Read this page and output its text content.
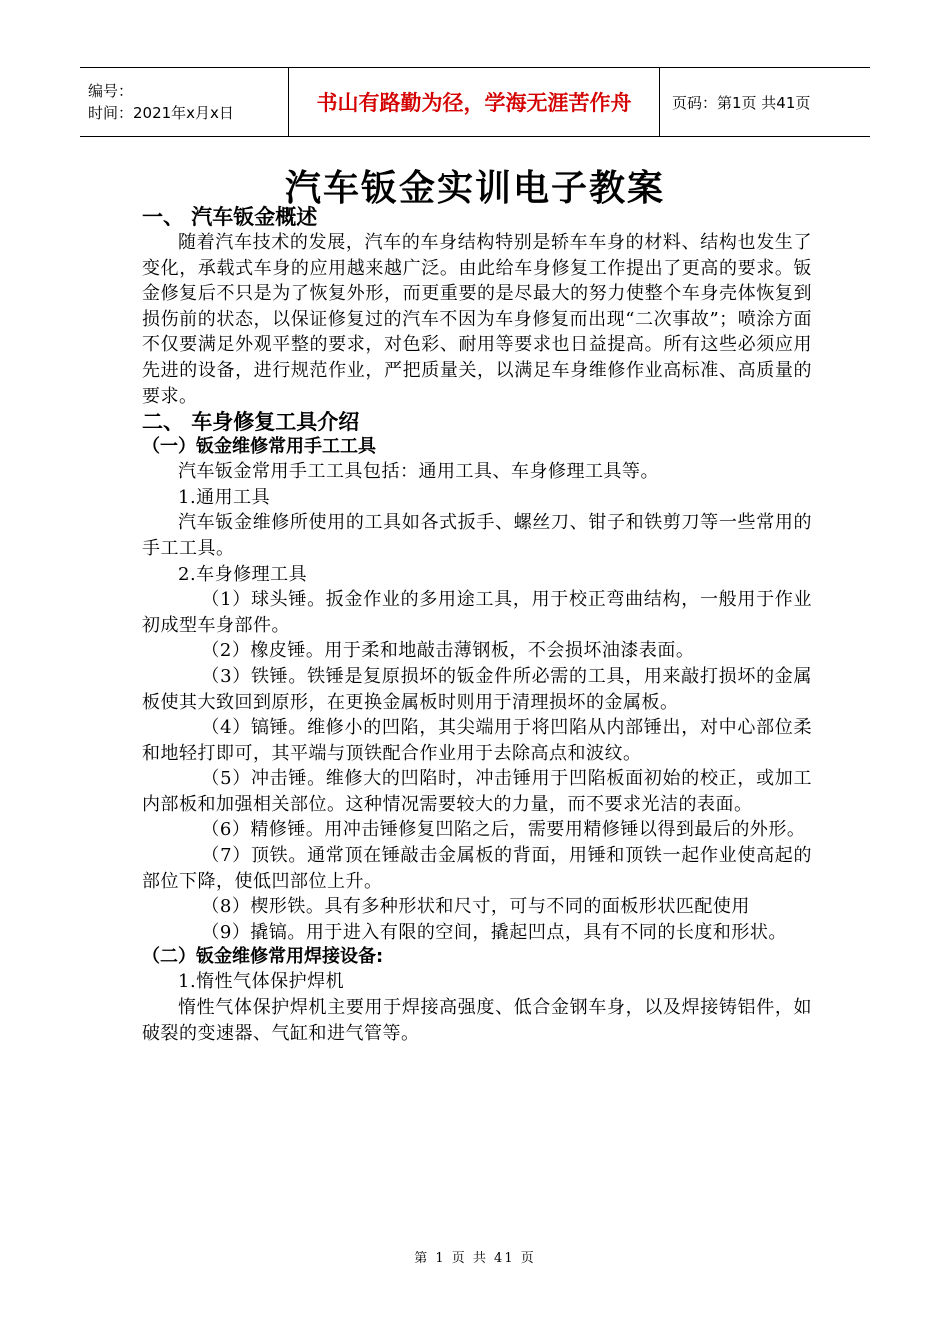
编号：
时间：2021年x月x日	书山有路勤为径，学海无涯苦作舟	页码：第1页 共41页
汽车钣金实训电子教案

一、 汽车钣金概述

随着汽车技术的发展，汽车的车身结构特别是轿车车身的材料、结构也发生了变化，承载式车身的应用越来越广泛。由此给车身修复工作提出了更高的要求。钣金修复后不只是为了恢复外形，而更重要的是尽最大的努力使整个车身壳体恢复到损伤前的状态，以保证修复过的汽车不因为车身修复而出现“二次事故”；喷涂方面不仅要满足外观平整的要求，对色彩、耐用等要求也日益提高。所有这些必须应用先进的设备，进行规范作业，严把质量关，以满足车身维修作业高标准、高质量的要求。

二、 车身修复工具介绍

（一）钣金维修常用手工工具

汽车钣金常用手工工具包括：通用工具、车身修理工具等。

1.通用工具

汽车钣金维修所使用的工具如各式扳手、螺丝刀、钳子和铁剪刀等一些常用的手工工具。

2.车身修理工具

（1）球头锤。扳金作业的多用途工具，用于校正弯曲结构，一般用于作业初成型车身部件。

（2）橡皮锤。用于柔和地敲击薄钢板，不会损坏油漆表面。

（3）铁锤。铁锤是复原损坏的钣金件所必需的工具，用来敲打损坏的金属板使其大致回到原形，在更换金属板时则用于清理损坏的金属板。

（4）镐锤。维修小的凹陷，其尖端用于将凹陷从内部锤出，对中心部位柔和地轻打即可，其平端与顶铁配合作业用于去除高点和波纹。

（5）冲击锤。维修大的凹陷时，冲击锤用于凹陷板面初始的校正，或加工内部板和加强相关部位。这种情况需要较大的力量，而不要求光洁的表面。

（6）精修锤。用冲击锤修复凹陷之后，需要用精修锤以得到最后的外形。

（7）顶铁。通常顶在锤敲击金属板的背面，用锤和顶铁一起作业使高起的部位下降，使低凹部位上升。

（8）楔形铁。具有多种形状和尺寸，可与不同的面板形状匹配使用

（9）撬镐。用于进入有限的空间，撬起凹点，具有不同的长度和形状。

（二）钣金维修常用焊接设备:

1.惰性气体保护焊机

惰性气体保护焊机主要用于焊接高强度、低合金钢车身，以及焊接铸铝件，如破裂的变速器、气缸和进气管等。

第 1 页 共 41 页
